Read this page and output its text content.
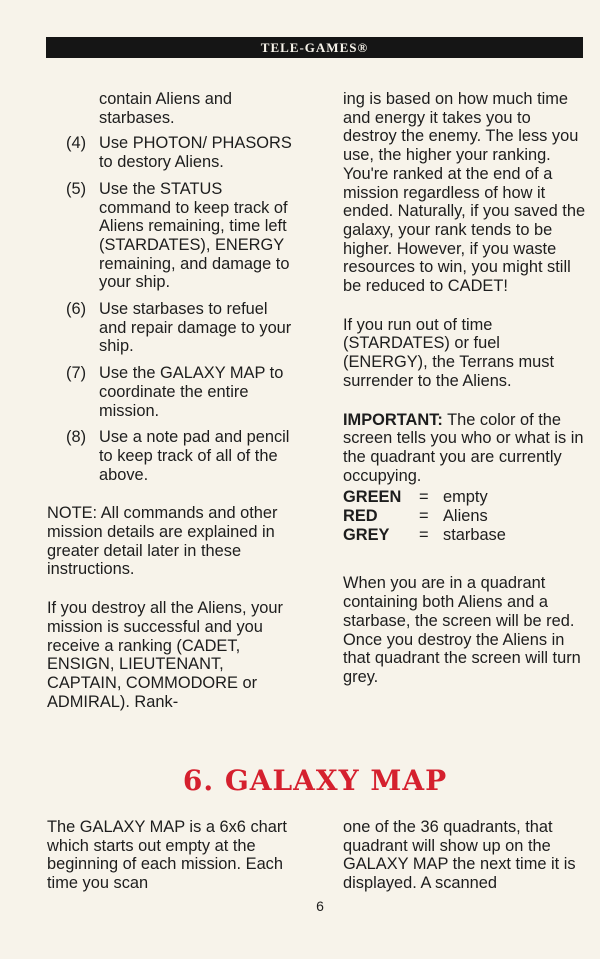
TELE-GAMES®

contain Aliens and starbases.

(4) Use PHOTON/ PHASORS to destory Aliens.
(5) Use the STATUS command to keep track of Aliens remaining, time left (STARDATES), ENERGY remaining, and damage to your ship.
(6) Use starbases to refuel and repair damage to your ship.
(7) Use the GALAXY MAP to coordinate the entire mission.
(8) Use a note pad and pencil to keep track of all of the above.

NOTE: All commands and other mission details are explained in greater detail later in these instructions.

If you destroy all the Aliens, your mission is successful and you receive a ranking (CADET, ENSIGN, LIEUTENANT, CAPTAIN, COMMODORE or ADMIRAL). Rank-

ing is based on how much time and energy it takes you to destroy the enemy. The less you use, the higher your ranking. You're ranked at the end of a mission regardless of how it ended. Naturally, if you saved the galaxy, your rank tends to be higher. However, if you waste resources to win, you might still be reduced to CADET!

If you run out of time (STARDATES) or fuel (ENERGY), the Terrans must surrender to the Aliens.

IMPORTANT: The color of the screen tells you who or what is in the quadrant you are currently occupying.

GREEN	=	empty
RED	=	Aliens
GREY	=	starbase

When you are in a quadrant containing both Aliens and a starbase, the screen will be red. Once you destroy the Aliens in that quadrant the screen will turn grey.

6. GALAXY MAP

The GALAXY MAP is a 6x6 chart which starts out empty at the beginning of each mission. Each time you scan

one of the 36 quadrants, that quadrant will show up on the GALAXY MAP the next time it is displayed. A scanned

6
